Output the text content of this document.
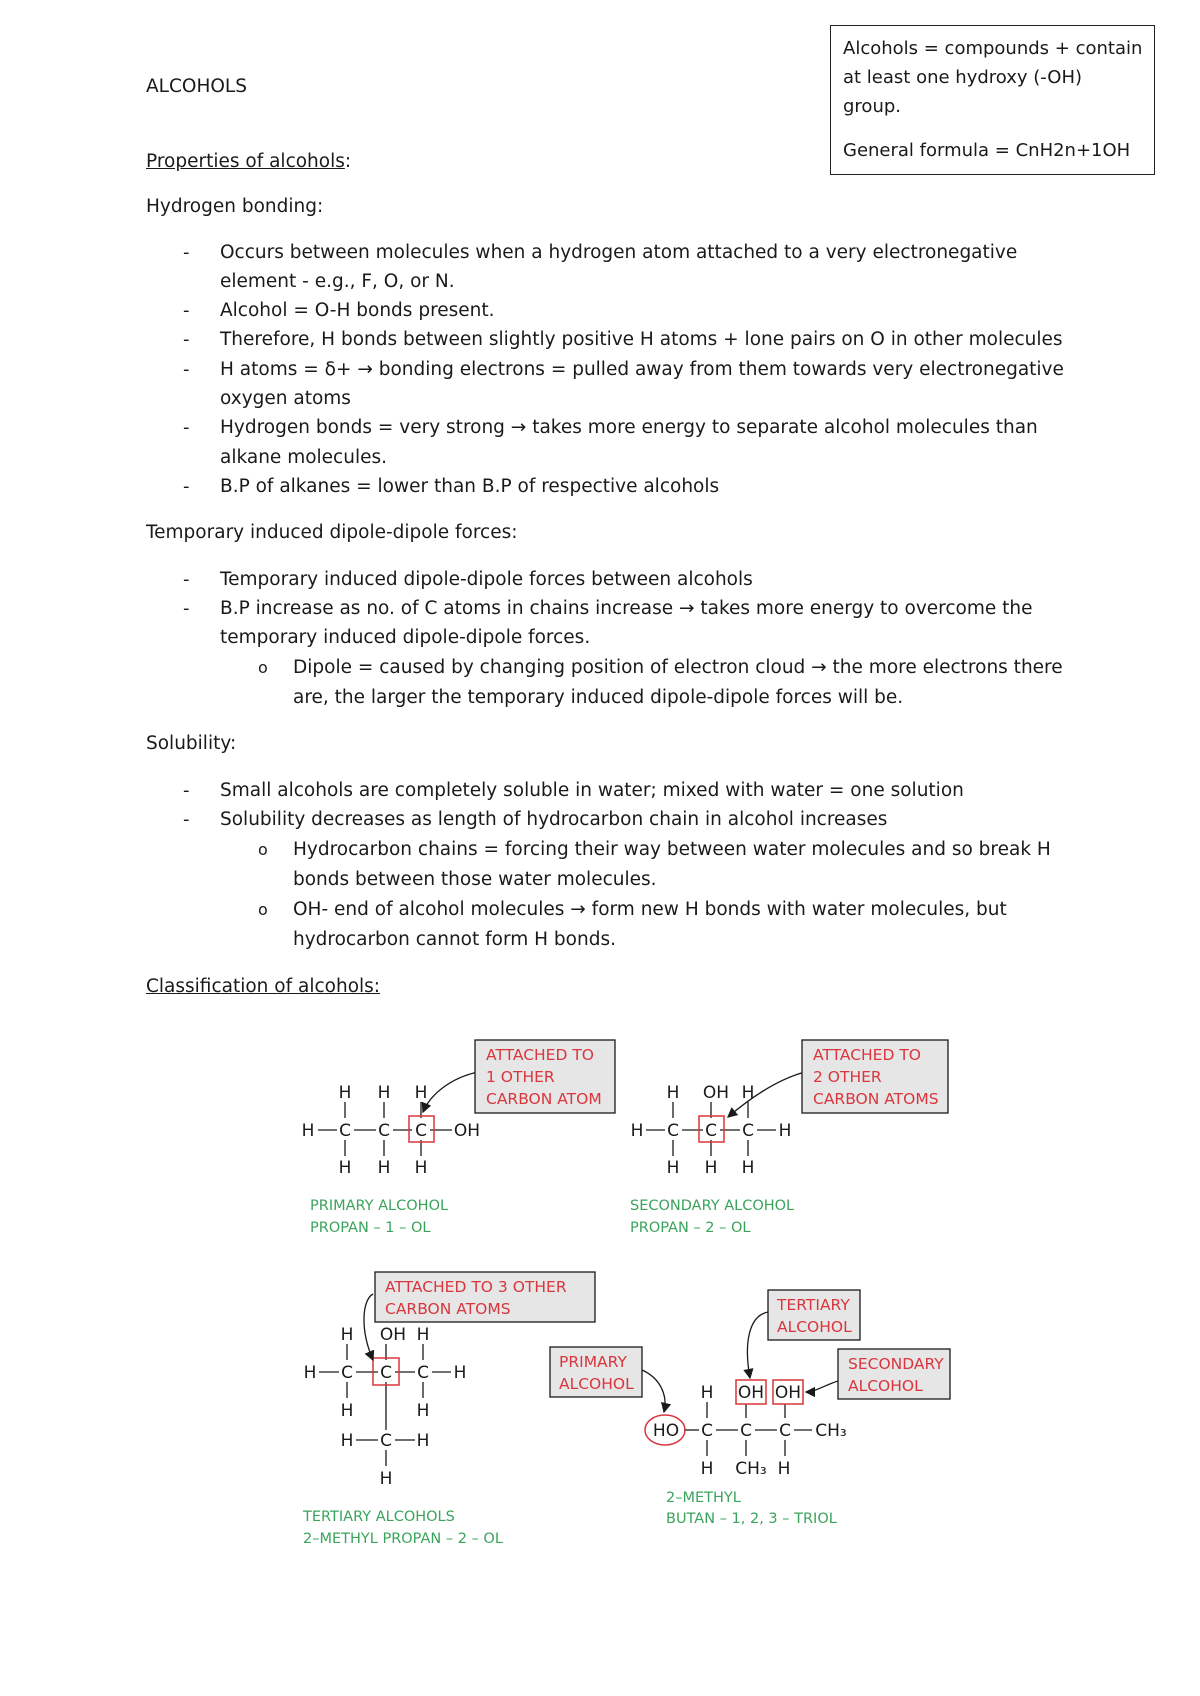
ALCOHOLS
Alcohols = compounds + contain
at least one hydroxy (-OH)
group.
General formula = CnH2n+1OH
Properties of alcohols:
Hydrogen bonding:
- Occurs between molecules when a hydrogen atom attached to a very electronegative
element - e.g., F, O, or N.
- Alcohol = O-H bonds present.
- Therefore, H bonds between slightly positive H atoms + lone pairs on O in other molecules
- H atoms = δ+ → bonding electrons = pulled away from them towards very electronegative
oxygen atoms
- Hydrogen bonds = very strong → takes more energy to separate alcohol molecules than
alkane molecules.
- B.P of alkanes = lower than B.P of respective alcohols
Temporary induced dipole-dipole forces:
- Temporary induced dipole-dipole forces between alcohols
- B.P increase as no. of C atoms in chains increase → takes more energy to overcome the
temporary induced dipole-dipole forces.
o Dipole = caused by changing position of electron cloud → the more electrons there
are, the larger the temporary induced dipole-dipole forces will be.
Solubility:
- Small alcohols are completely soluble in water; mixed with water = one solution
- Solubility decreases as length of hydrocarbon chain in alcohol increases
o Hydrocarbon chains = forcing their way between water molecules and so break H
bonds between those water molecules.
o OH- end of alcohol molecules → form new H bonds with water molecules, but
hydrocarbon cannot form H bonds.
Classification of alcohols:
H H H
H C C C OH
H H H
ATTACHED TO
1 OTHER
CARBON ATOM
PRIMARY ALCOHOL
PROPAN – 1 – OL
H OH H
H C C C H
H H H
ATTACHED TO
2 OTHER
CARBON ATOMS
SECONDARY ALCOHOL
PROPAN – 2 – OL
H OH H
H C C C H
H	H
H C H
H
ATTACHED TO 3 OTHER
CARBON ATOMS
TERTIARY ALCOHOLS
2–METHYL PROPAN – 2 – OL
H OH OH
HO C C C CH₃
H CH₃ H
PRIMARY
ALCOHOL
TERTIARY
ALCOHOL
SECONDARY
ALCOHOL
2–METHYL
BUTAN – 1, 2, 3 – TRIOL
